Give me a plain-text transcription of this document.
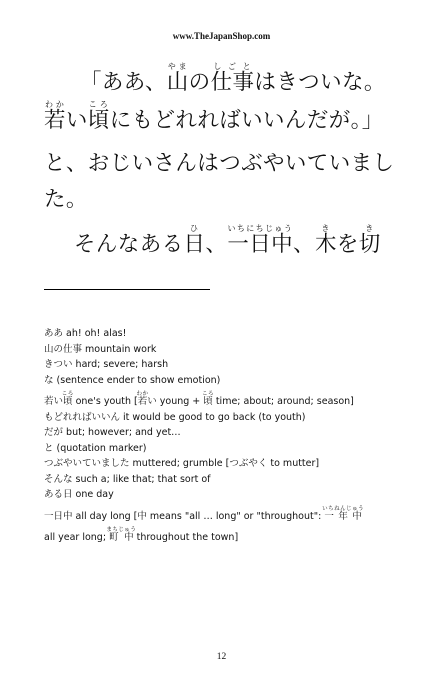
www.TheJapanShop.com
「ああ、山やまの仕事しごとはきついな。
若わかい頃ころにもどれればいいんだが。」
と、おじいさんはつぶやいていまし
た。
そんなある日ひ、一日中いちにちじゅう、木きを切き

ああ ah! oh! alas!

山の仕事 mountain work

きつい hard; severe; harsh

な (sentence ender to show emotion)

若い頃ころ one's youth [若わかい young + 頃ころ time; about; around; season]

もどれればいいん it would be good to go back (to youth)

だが but; however; and yet…

と (quotation marker)

つぶやいていました muttered; grumble [つぶやく to mutter]

そんな such a; like that; that sort of

ある日 one day

一日中 all day long [中 means "all … long" or "throughout": 一年中いちねんじゅう

all year long; 町中まちじゅう throughout the town]

12
